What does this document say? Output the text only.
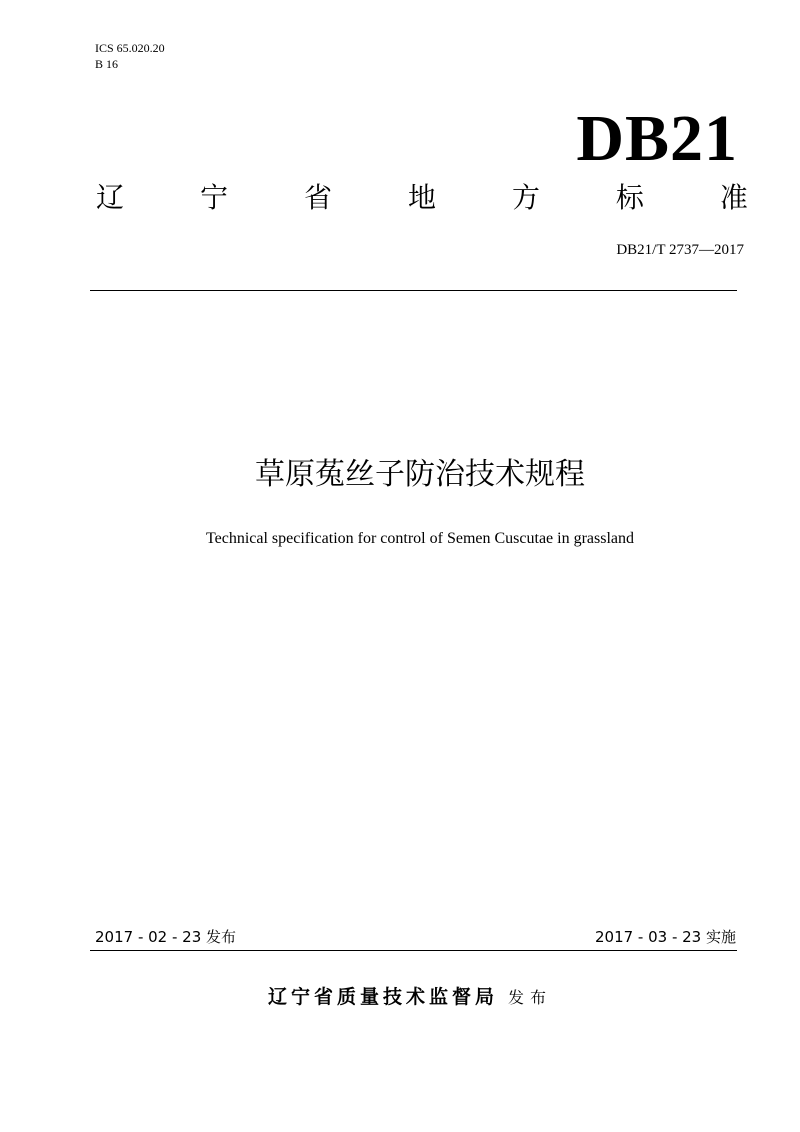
ICS 65.020.20
B 16
DB21
辽	宁	省	地	方	标	准
DB21/T 2737—2017
草原菟丝子防治技术规程
Technical specification for control of Semen Cuscutae in grassland
2017 - 02 - 23 发布	2017 - 03 - 23 实施
辽宁省质量技术监督局 发布
